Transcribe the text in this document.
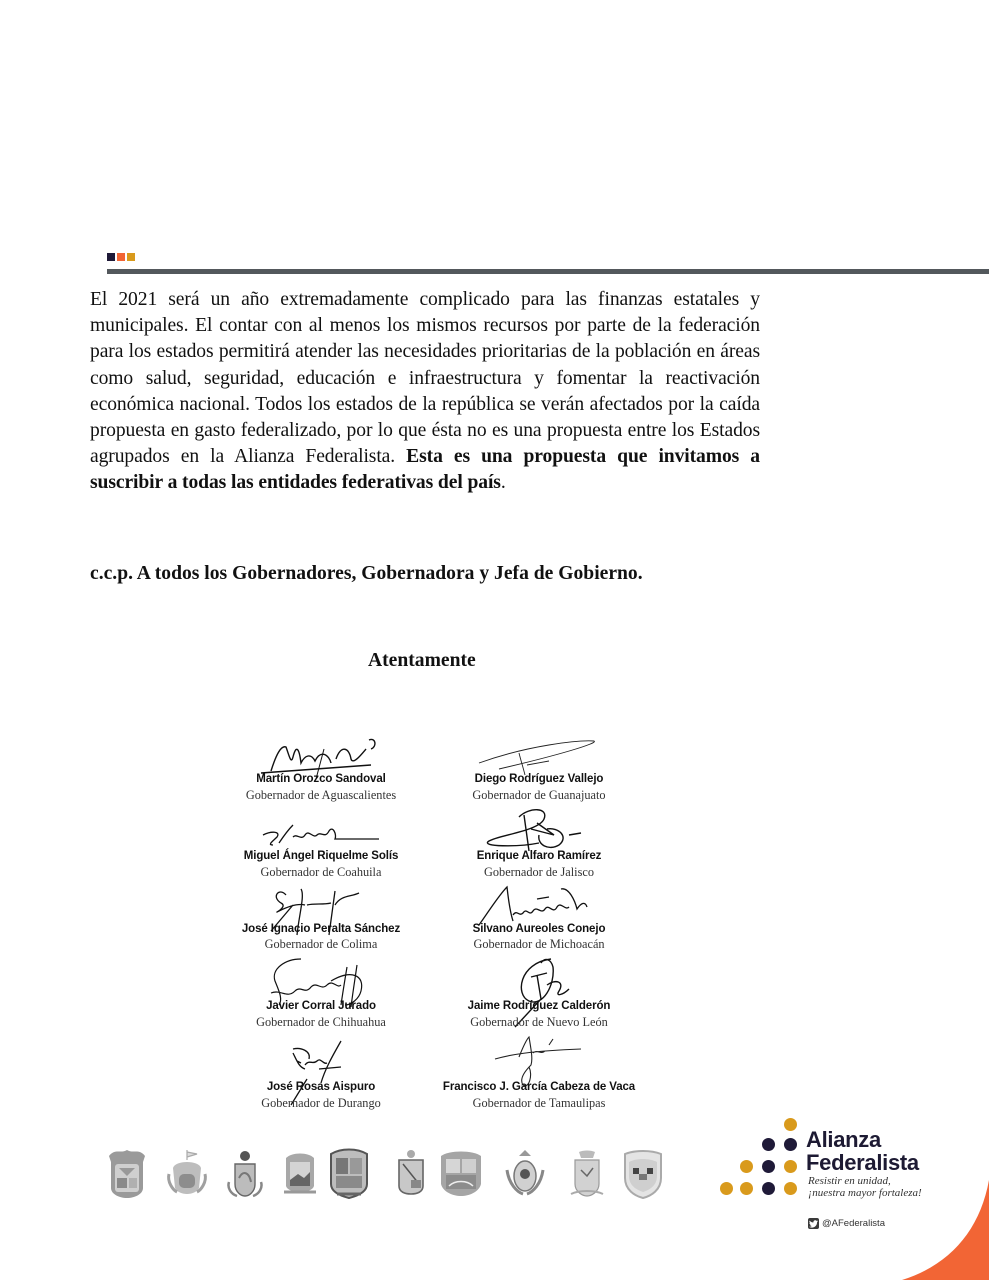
El 2021 será un año extremadamente complicado para las finanzas estatales y municipales. El contar con al menos los mismos recursos por parte de la federación para los estados permitirá atender las necesidades prioritarias de la población en áreas como salud, seguridad, educación e infraestructura y fomentar la reactivación económica nacional. Todos los estados de la república se verán afectados por la caída propuesta en gasto federalizado, por lo que ésta no es una propuesta entre los Estados agrupados en la Alianza Federalista. Esta es una propuesta que invitamos a suscribir a todas las entidades federativas del país.

c.c.p. A todos los Gobernadores, Gobernadora y Jefa de Gobierno.
Atentamente
Martín Orozco Sandoval
Gobernador de Aguascalientes
Diego Rodríguez Vallejo
Gobernador de Guanajuato
Miguel Ángel Riquelme Solís
Gobernador de Coahuila
Enrique Alfaro Ramírez
Gobernador de Jalisco
José Ignacio Peralta Sánchez
Gobernador de Colima
Silvano Aureoles Conejo
Gobernador de Michoacán
Javier Corral Jurado
Gobernador de Chihuahua
Jaime Rodríguez Calderón
Gobernador de Nuevo León
José Rosas Aispuro
Gobernador de Durango
Francisco J. García Cabeza de Vaca
Gobernador de Tamaulipas
Alianza
Federalista
Resistir en unidad,
¡nuestra mayor fortaleza!
@AFederalista
